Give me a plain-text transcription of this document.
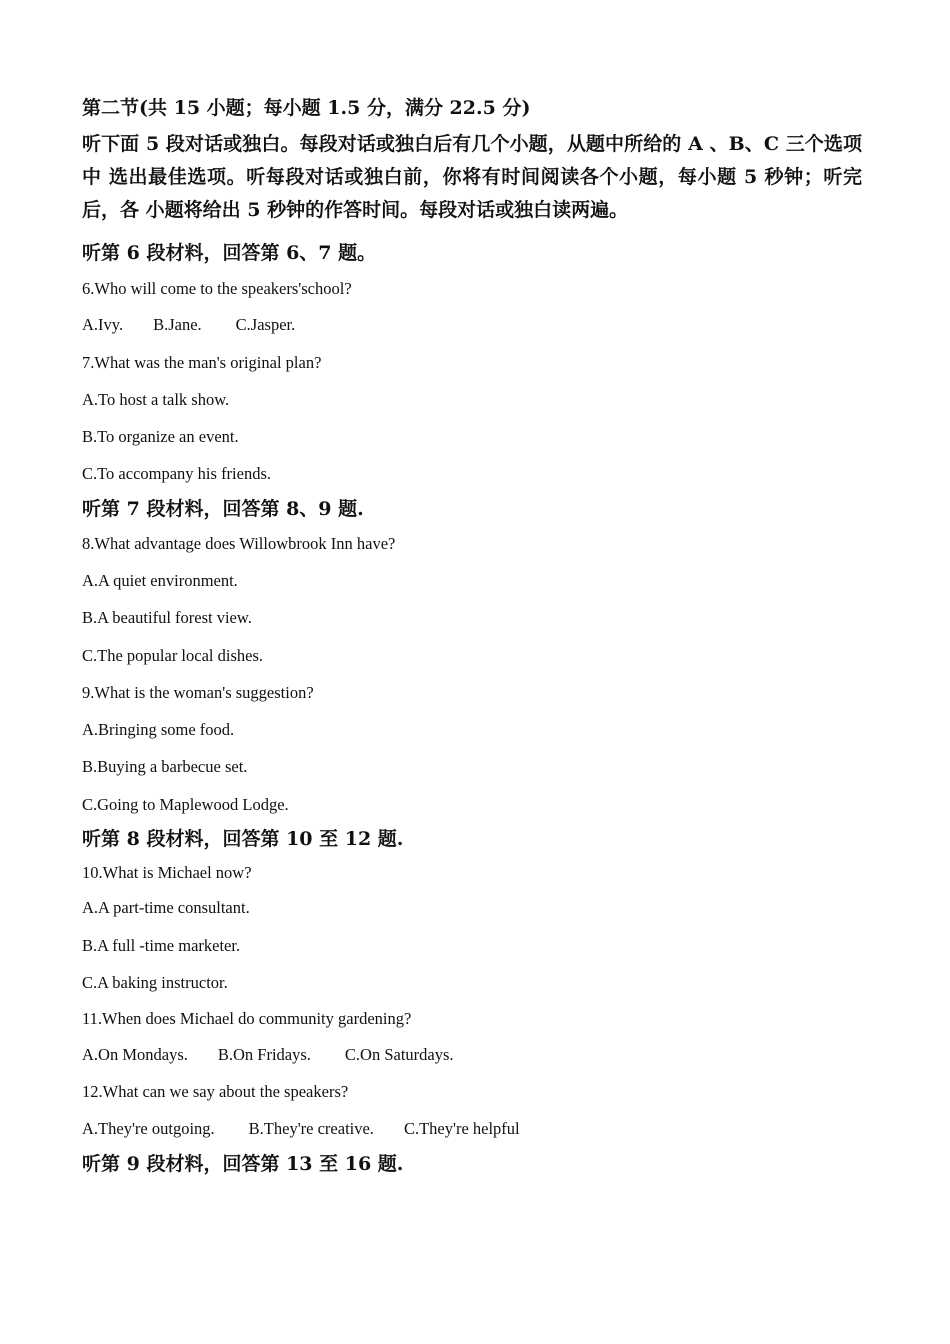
第二节(共 15 小题；每小题 1.5 分，满分 22.5 分)

听下面 5 段对话或独白。每段对话或独白后有几个小题，从题中所给的 A 、B、C 三个选项中 选出最佳选项。听每段对话或独白前，你将有时间阅读各个小题，每小题 5 秒钟；听完后，各 小题将给出 5 秒钟的作答时间。每段对话或独白读两遍。

听第 6 段材料，回答第 6、7 题。

6.Who will come to the speakers'school?

A.Ivy. B.Jane. C.Jasper.

7.What was the man's original plan?

A.To host a talk show.

B.To organize an event.

C.To accompany his friends.

听第 7 段材料，回答第 8、9 题.

8.What advantage does Willowbrook Inn have?

A.A quiet environment.

B.A beautiful forest view.

C.The popular local dishes.

9.What is the woman's suggestion?

A.Bringing some food.

B.Buying a barbecue set.

C.Going to Maplewood Lodge.

听第 8 段材料，回答第 10 至 12 题.

10.What is Michael now?

A.A part-time consultant.

B.A full -time marketer.

C.A baking instructor.

11.When does Michael do community gardening?

A.On Mondays. B.On Fridays. C.On Saturdays.

12.What can we say about the speakers?

A.They're outgoing. B.They're creative. C.They're helpful

听第 9 段材料，回答第 13 至 16 题.
